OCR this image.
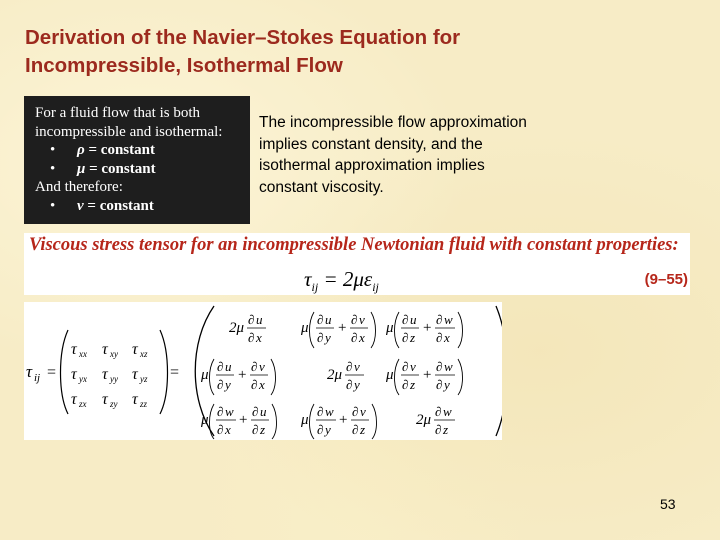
Derivation of the Navier–Stokes Equation for
Incompressible, Isothermal Flow
For a fluid flow that is both
incompressible and isothermal:
• ρ = constant
• μ = constant
And therefore:
• ν = constant
The incompressible flow approximation implies constant density, and the isothermal approximation implies constant viscosity.
Viscous stress tensor for an incompressible Newtonian fluid with constant properties:
$\tau_{ij} = 2\mu\varepsilon_{ij}$	(9–55)
τ ij =
τ xx τ xy τ xz
τ yx τ yy τ yz
τ zx τ zy τ zz
=
2μ
∂ u
∂ x
μ
∂ u
∂ y
+
∂ v
∂ x
μ
∂ u
∂ z
+
∂ w
∂ x
μ
∂ u
∂ y
+
∂ v
∂ x
2μ
∂ v
∂ y
μ
∂ v
∂ z
+
∂ w
∂ y
μ
∂ w
∂ x
+
∂ u
∂ z
μ
∂ w
∂ y
+
∂ v
∂ z
2μ
∂ w
∂ z
53
